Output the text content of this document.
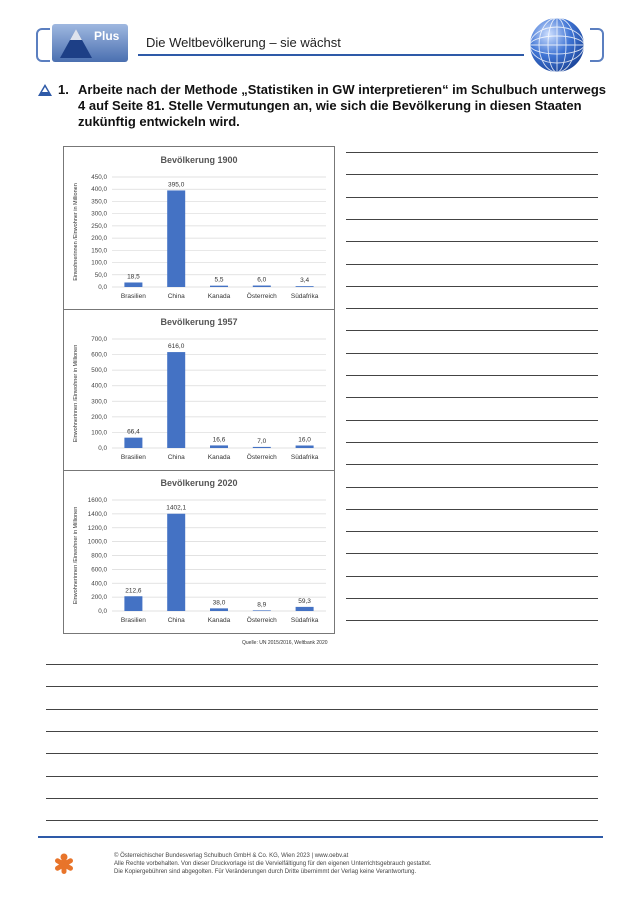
Plus Die Weltbevölkerung – sie wächst
1. Arbeite nach der Methode „Statistiken in GW interpretieren“ im Schulbuch unterwegs 4 auf Seite 81. Stelle Vermutungen an, wie sich die Bevölkerung in diesen Staaten zukünftig entwickeln wird.
Bevölkerung 1900
Einwohnerinnen /Einwohner in Millionen
0,0
50,0
100,0
150,0
200,0
250,0
300,0
350,0
400,0
450,0
18,5
Brasilien
395,0
China
5,5
Kanada
6,0
Österreich
3,4
Südafrika
Bevölkerung 1957
Einwohnerinnen /Einwohner in Millionen
0,0
100,0
200,0
300,0
400,0
500,0
600,0
700,0
66,4
Brasilien
616,0
China
16,6
Kanada
7,0
Österreich
16,0
Südafrika
Bevölkerung 2020
Einwohnerinnen /Einwohner in Millionen
0,0
200,0
400,0
600,0
800,0
1000,0
1200,0
1400,0
1600,0
212,6
Brasilien
1402,1
China
38,0
Kanada
8,9
Österreich
59,3
Südafrika
Quelle: UN 2015/2016, Weltbank 2020
© Österreichischer Bundesverlag Schulbuch GmbH & Co. KG, Wien 2023 | www.oebv.at
Alle Rechte vorbehalten. Von dieser Druckvorlage ist die Vervielfältigung für den eigenen Unterrichtsgebrauch gestattet.
Die Kopiergebühren sind abgegolten. Für Veränderungen durch Dritte übernimmt der Verlag keine Verantwortung.
